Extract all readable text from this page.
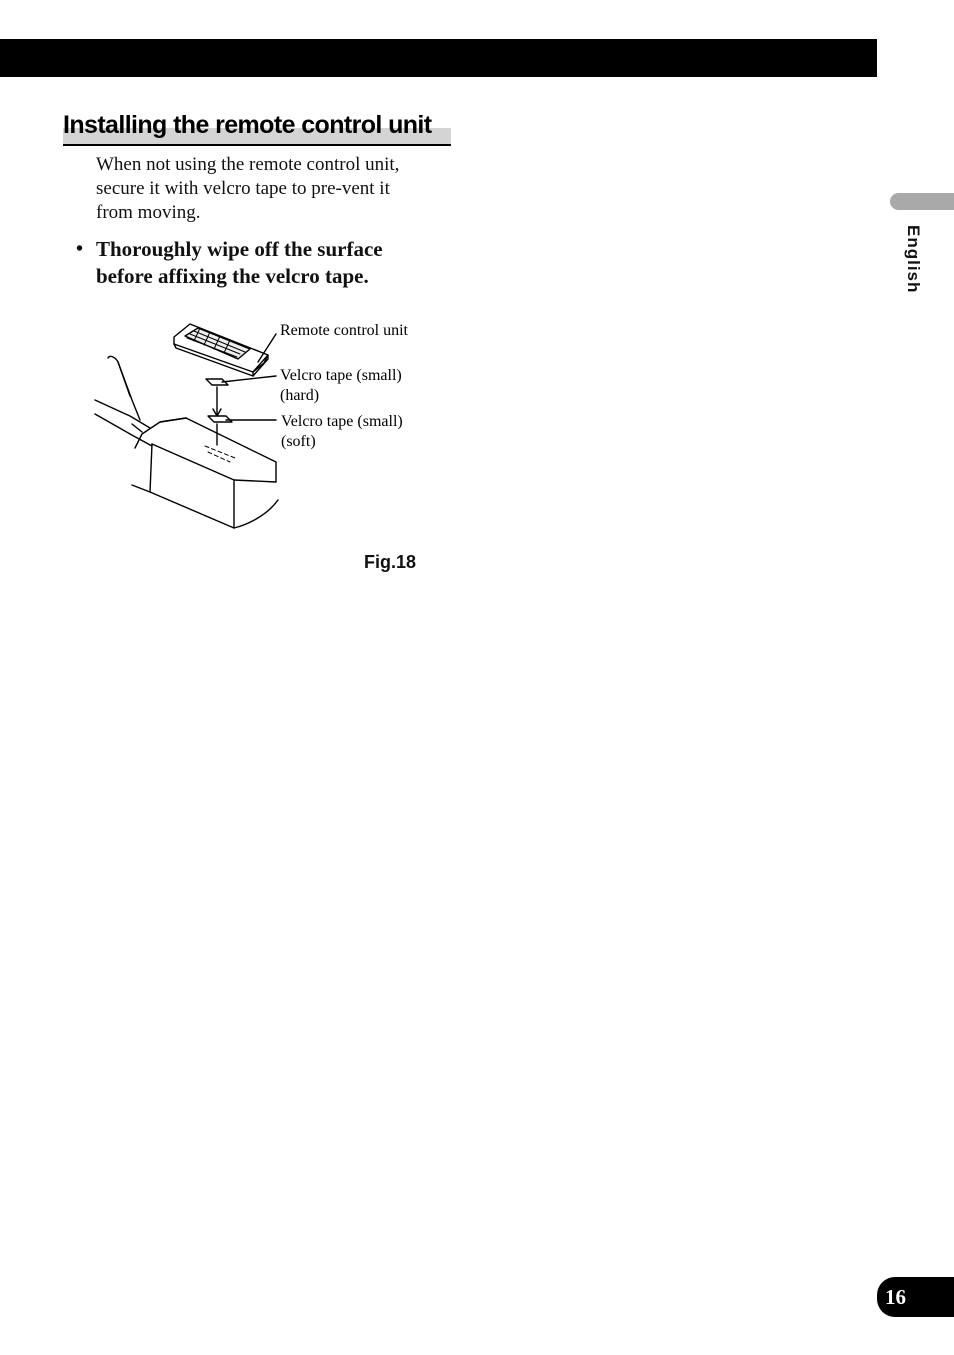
Installing the remote control unit

When not using the remote control unit, secure it with velcro tape to pre-vent it from moving.

• Thoroughly wipe off the surface before affixing the velcro tape.

Remote control unit

Velcro tape (small) (hard)

Velcro tape (small) (soft)

Fig.18
English
16
